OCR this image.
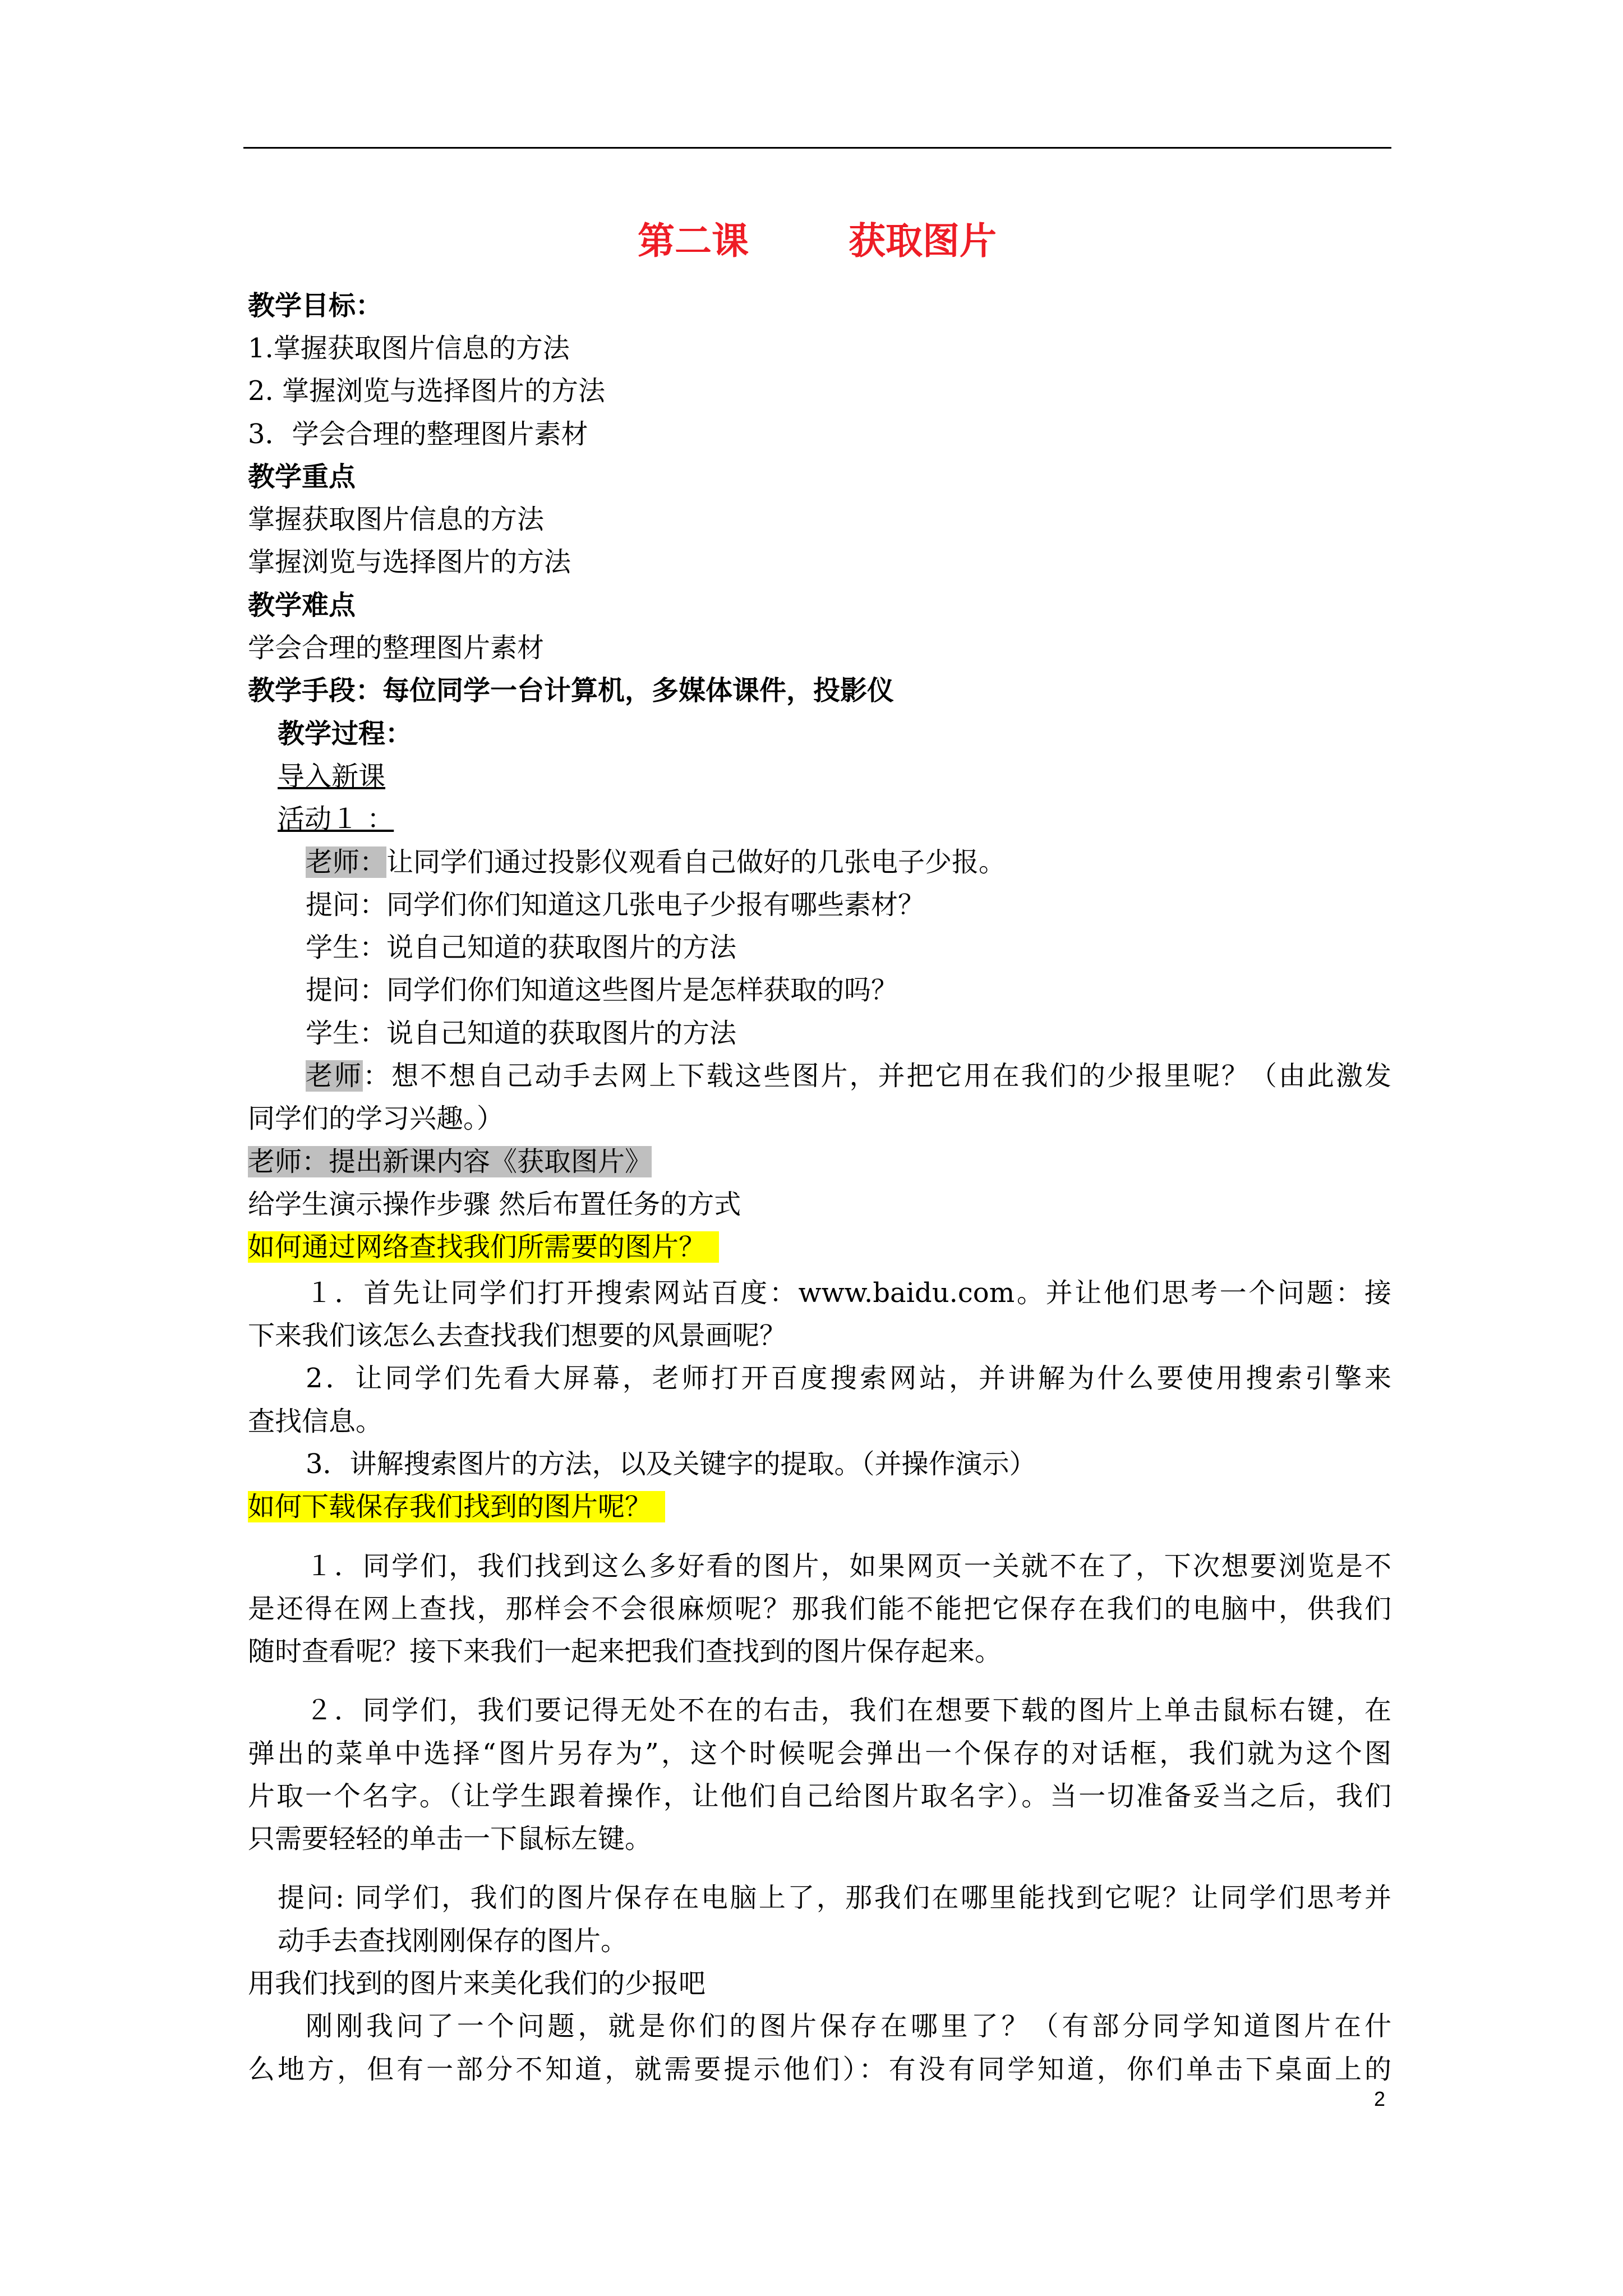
第二课	获取图片
教学目标：
1.掌握获取图片信息的方法
2. 掌握浏览与选择图片的方法
3．学会合理的整理图片素材
教学重点
掌握获取图片信息的方法
掌握浏览与选择图片的方法
教学难点
学会合理的整理图片素材
教学手段：每位同学一台计算机，多媒体课件，投影仪
教学过程：
导入新课
活动１ ：
老师：让同学们通过投影仪观看自己做好的几张电子少报。
提问：同学们你们知道这几张电子少报有哪些素材？
学生：说自己知道的获取图片的方法
提问：同学们你们知道这些图片是怎样获取的吗？
学生：说自己知道的获取图片的方法
老师：想不想自己动手去网上下载这些图片，并把它用在我们的少报里呢？（由此激发
同学们的学习兴趣。）
老师：提出新课内容《获取图片》
给学生演示操作步骤 然后布置任务的方式
如何通过网络查找我们所需要的图片？
１．首先让同学们打开搜索网站百度：www.baidu.com。并让他们思考一个问题：接
下来我们该怎么去查找我们想要的风景画呢？
2．让同学们先看大屏幕，老师打开百度搜索网站，并讲解为什么要使用搜索引擎来
查找信息。
3．讲解搜索图片的方法，以及关键字的提取。（并操作演示）
如何下载保存我们找到的图片呢？
１．同学们，我们找到这么多好看的图片，如果网页一关就不在了，下次想要浏览是不
是还得在网上查找，那样会不会很麻烦呢？那我们能不能把它保存在我们的电脑中，供我们
随时查看呢？接下来我们一起来把我们查找到的图片保存起来。
２．同学们，我们要记得无处不在的右击，我们在想要下载的图片上单击鼠标右键，在
弹出的菜单中选择“图片另存为”，这个时候呢会弹出一个保存的对话框，我们就为这个图
片取一个名字。（让学生跟着操作，让他们自己给图片取名字）。当一切准备妥当之后，我们
只需要轻轻的单击一下鼠标左键。
提问: 同学们，我们的图片保存在电脑上了，那我们在哪里能找到它呢？让同学们思考并
动手去查找刚刚保存的图片。
用我们找到的图片来美化我们的少报吧
刚刚我问了一个问题，就是你们的图片保存在哪里了？（有部分同学知道图片在什
么地方，但有一部分不知道，就需要提示他们）：有没有同学知道，你们单击下桌面上的
2
